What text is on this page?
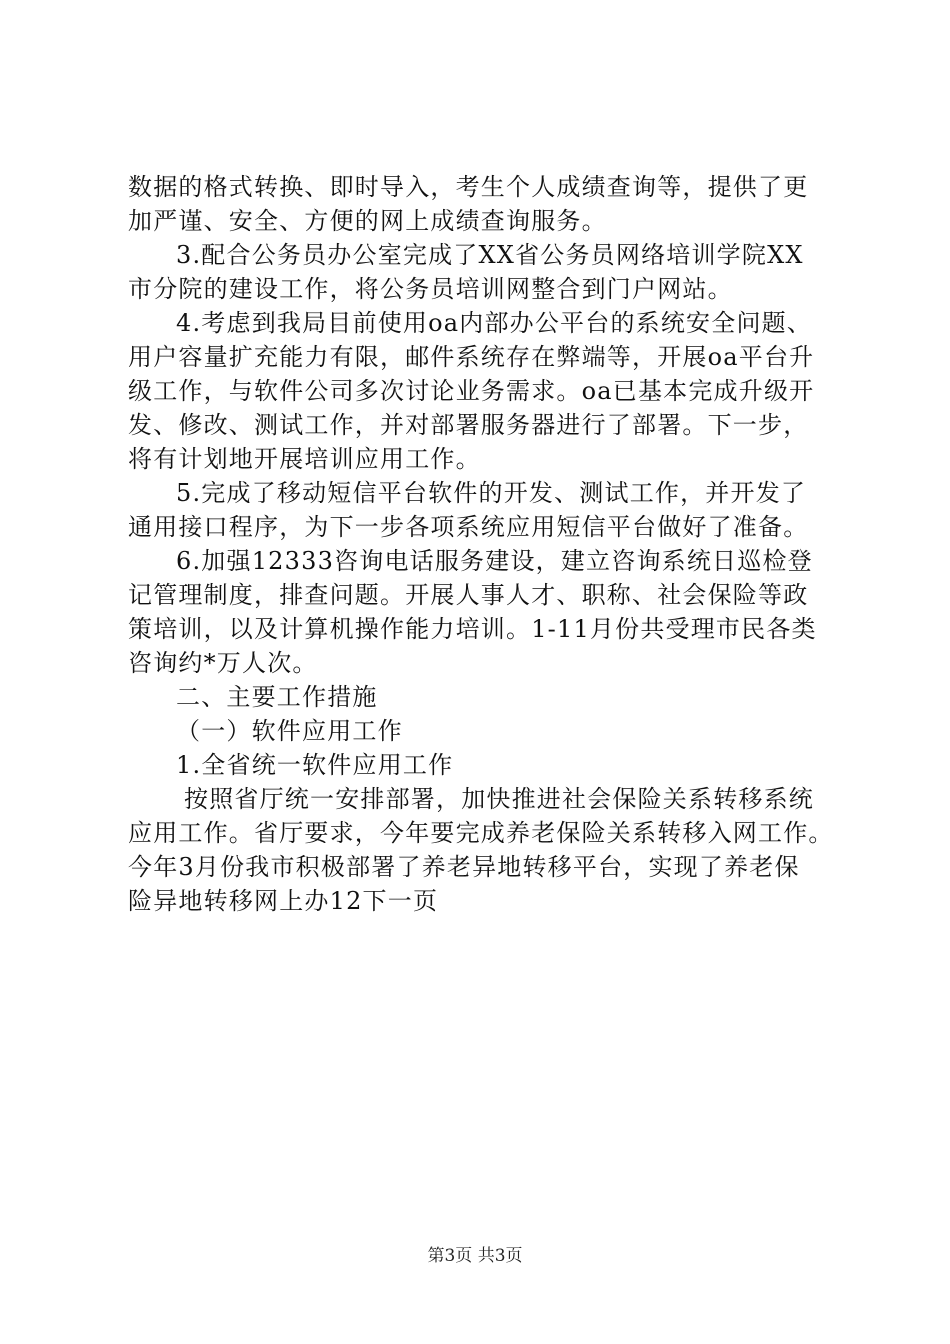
数据的格式转换、即时导入，考生个人成绩查询等，提供了更
加严谨、安全、方便的网上成绩查询服务。
3.配合公务员办公室完成了XX省公务员网络培训学院XX
市分院的建设工作，将公务员培训网整合到门户网站。
4.考虑到我局目前使用oa内部办公平台的系统安全问题、
用户容量扩充能力有限，邮件系统存在弊端等，开展oa平台升
级工作，与软件公司多次讨论业务需求。oa已基本完成升级开
发、修改、测试工作，并对部署服务器进行了部署。下一步，
将有计划地开展培训应用工作。
5.完成了移动短信平台软件的开发、测试工作，并开发了
通用接口程序，为下一步各项系统应用短信平台做好了准备。
6.加强12333咨询电话服务建设，建立咨询系统日巡检登
记管理制度，排查问题。开展人事人才、职称、社会保险等政
策培训，以及计算机操作能力培训。1-11月份共受理市民各类
咨询约*万人次。
二、主要工作措施
（一）软件应用工作
1.全省统一软件应用工作
按照省厅统一安排部署，加快推进社会保险关系转移系统
应用工作。省厅要求，今年要完成养老保险关系转移入网工作。
今年3月份我市积极部署了养老异地转移平台，实现了养老保
险异地转移网上办12下一页
第3页 共3页
